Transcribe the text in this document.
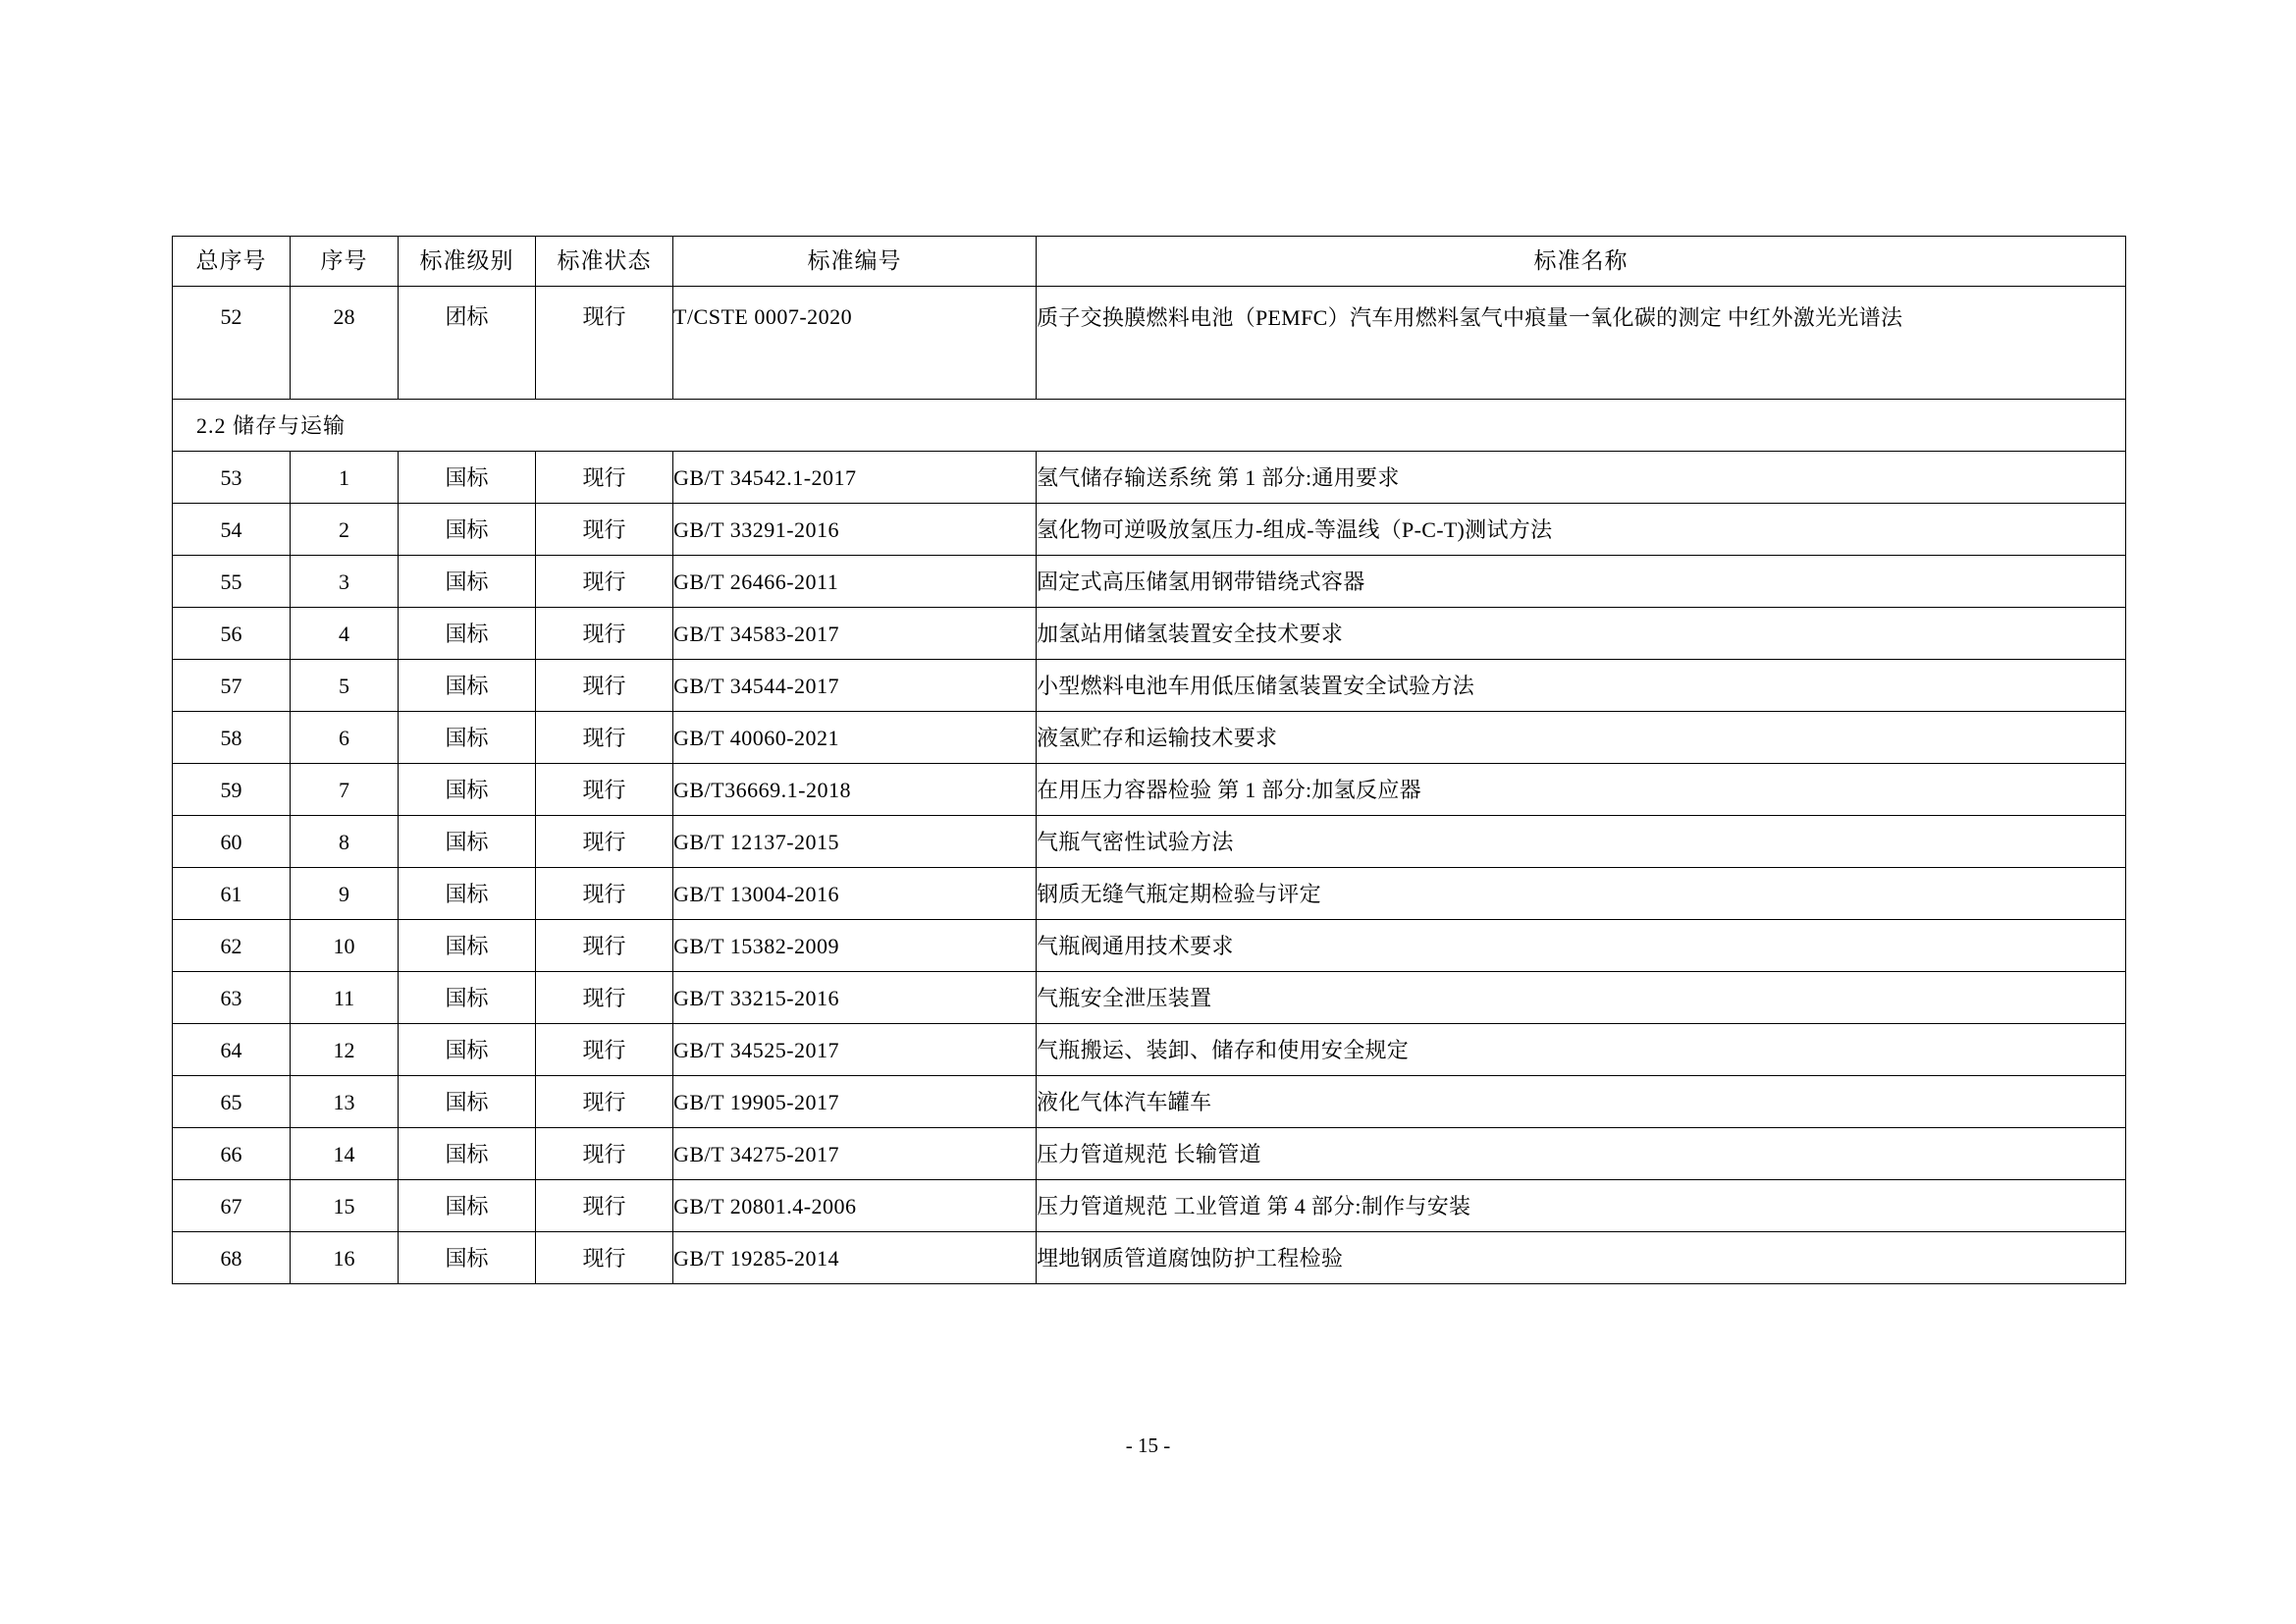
总序号	序号	标准级别	标准状态	标准编号	标准名称
52	28	团标	现行	T/CSTE 0007-2020	质子交换膜燃料电池（PEMFC）汽车用燃料氢气中痕量一氧化碳的测定 中红外激光光谱法
2.2 储存与运输					
53	1	国标	现行	GB/T 34542.1-2017	氢气储存输送系统 第 1 部分:通用要求
54	2	国标	现行	GB/T 33291-2016	氢化物可逆吸放氢压力-组成-等温线（P-C-T)测试方法
55	3	国标	现行	GB/T 26466-2011	固定式高压储氢用钢带错绕式容器
56	4	国标	现行	GB/T 34583-2017	加氢站用储氢装置安全技术要求
57	5	国标	现行	GB/T 34544-2017	小型燃料电池车用低压储氢装置安全试验方法
58	6	国标	现行	GB/T 40060-2021	液氢贮存和运输技术要求
59	7	国标	现行	GB/T36669.1-2018	在用压力容器检验 第 1 部分:加氢反应器
60	8	国标	现行	GB/T 12137-2015	气瓶气密性试验方法
61	9	国标	现行	GB/T 13004-2016	钢质无缝气瓶定期检验与评定
62	10	国标	现行	GB/T 15382-2009	气瓶阀通用技术要求
63	11	国标	现行	GB/T 33215-2016	气瓶安全泄压装置
64	12	国标	现行	GB/T 34525-2017	气瓶搬运、装卸、储存和使用安全规定
65	13	国标	现行	GB/T 19905-2017	液化气体汽车罐车
66	14	国标	现行	GB/T 34275-2017	压力管道规范 长输管道
67	15	国标	现行	GB/T 20801.4-2006	压力管道规范 工业管道 第 4 部分:制作与安装
68	16	国标	现行	GB/T 19285-2014	埋地钢质管道腐蚀防护工程检验
- 15 -
